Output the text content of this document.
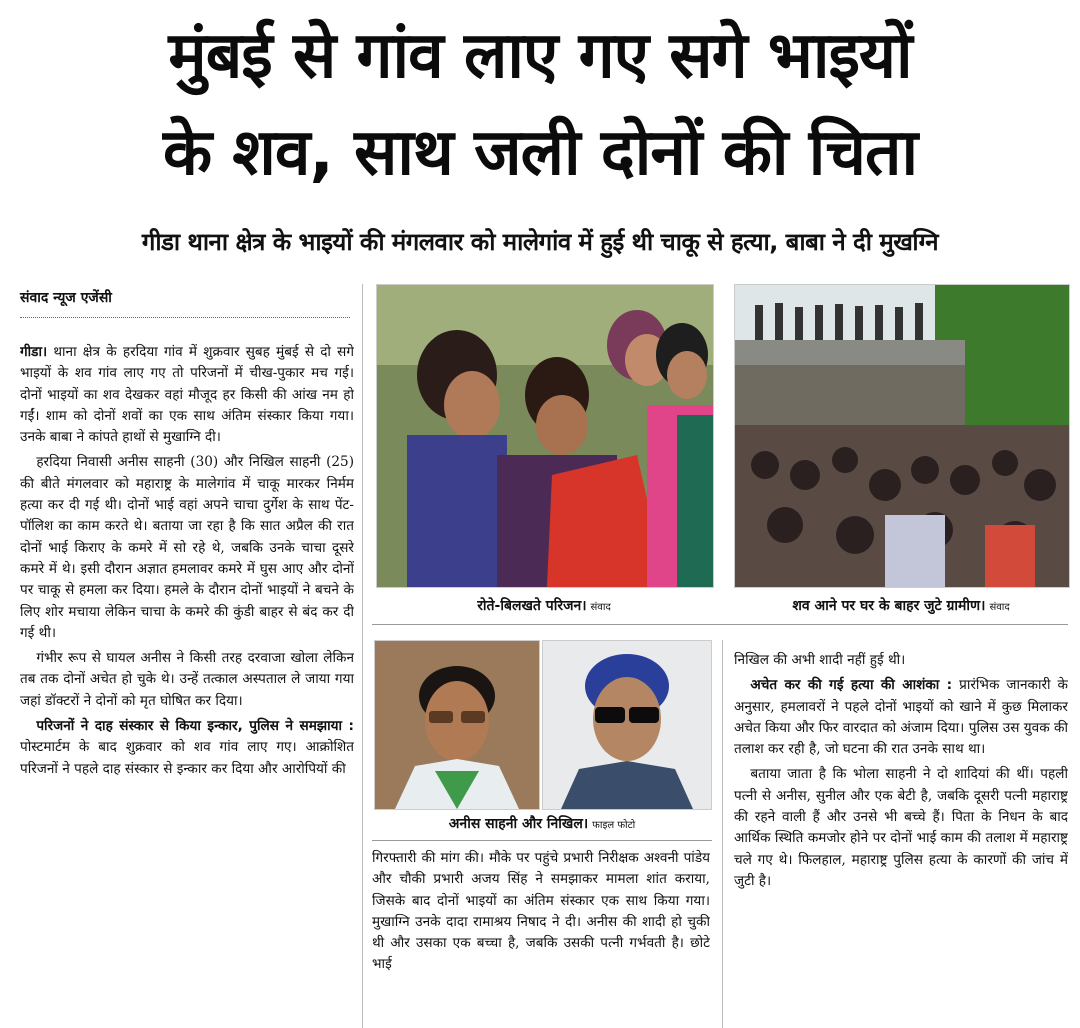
मुंबई से गांव लाए गए सगे भाइयों
के शव, साथ जली दोनों की चिता
गीडा थाना क्षेत्र के भाइयों की मंगलवार को मालेगांव में हुई थी चाकू से हत्या, बाबा ने दी मुखग्नि
संवाद न्यूज एजेंसी

गीडा। थाना क्षेत्र के हरदिया गांव में शुक्रवार सुबह मुंबई से दो सगे भाइयों के शव गांव लाए गए तो परिजनों में चीख-पुकार मच गई। दोनों भाइयों का शव देखकर वहां मौजूद हर किसी की आंख नम हो गईं। शाम को दोनों शवों का एक साथ अंतिम संस्कार किया गया। उनके बाबा ने कांपते हाथों से मुखाग्नि दी।

हरदिया निवासी अनीस साहनी (30) और निखिल साहनी (25) की बीते मंगलवार को महाराष्ट्र के मालेगांव में चाकू मारकर निर्मम हत्या कर दी गई थी। दोनों भाई वहां अपने चाचा दुर्गेश के साथ पेंट-पॉलिश का काम करते थे। बताया जा रहा है कि सात अप्रैल की रात दोनों भाई किराए के कमरे में सो रहे थे, जबकि उनके चाचा दूसरे कमरे में थे। इसी दौरान अज्ञात हमलावर कमरे में घुस आए और दोनों पर चाकू से हमला कर दिया। हमले के दौरान दोनों भाइयों ने बचने के लिए शोर मचाया लेकिन चाचा के कमरे की कुंडी बाहर से बंद कर दी गई थी।

गंभीर रूप से घायल अनीस ने किसी तरह दरवाजा खोला लेकिन तब तक दोनों अचेत हो चुके थे। उन्हें तत्काल अस्पताल ले जाया गया जहां डॉक्टरों ने दोनों को मृत घोषित कर दिया।

परिजनों ने दाह संस्कार से किया इन्कार, पुलिस ने समझाया : पोस्टमार्टम के बाद शुक्रवार को शव गांव लाए गए। आक्रोशित परिजनों ने पहले दाह संस्कार से इन्कार कर दिया और आरोपियों की

रोते-बिलखते परिजन। संवाद	शव आने पर घर के बाहर जुटे ग्रामीण। संवाद
अनीस साहनी और निखिल। फाइल फोटो

गिरफ्तारी की मांग की। मौके पर पहुंचे प्रभारी निरीक्षक अश्वनी पांडेय और चौकी प्रभारी अजय सिंह ने समझाकर मामला शांत कराया, जिसके बाद दोनों भाइयों का अंतिम संस्कार एक साथ किया गया। मुखाग्नि उनके दादा रामाश्रय निषाद ने दी। अनीस की शादी हो चुकी थी और उसका एक बच्चा है, जबकि उसकी पत्नी गर्भवती है। छोटे भाई

निखिल की अभी शादी नहीं हुई थी।

अचेत कर की गई हत्या की आशंका : प्रारंभिक जानकारी के अनुसार, हमलावरों ने पहले दोनों भाइयों को खाने में कुछ मिलाकर अचेत किया और फिर वारदात को अंजाम दिया। पुलिस उस युवक की तलाश कर रही है, जो घटना की रात उनके साथ था।

बताया जाता है कि भोला साहनी ने दो शादियां की थीं। पहली पत्नी से अनीस, सुनील और एक बेटी है, जबकि दूसरी पत्नी महाराष्ट्र की रहने वाली हैं और उनसे भी बच्चे हैं। पिता के निधन के बाद आर्थिक स्थिति कमजोर होने पर दोनों भाई काम की तलाश में महाराष्ट्र चले गए थे। फिलहाल, महाराष्ट्र पुलिस हत्या के कारणों की जांच में जुटी है।
